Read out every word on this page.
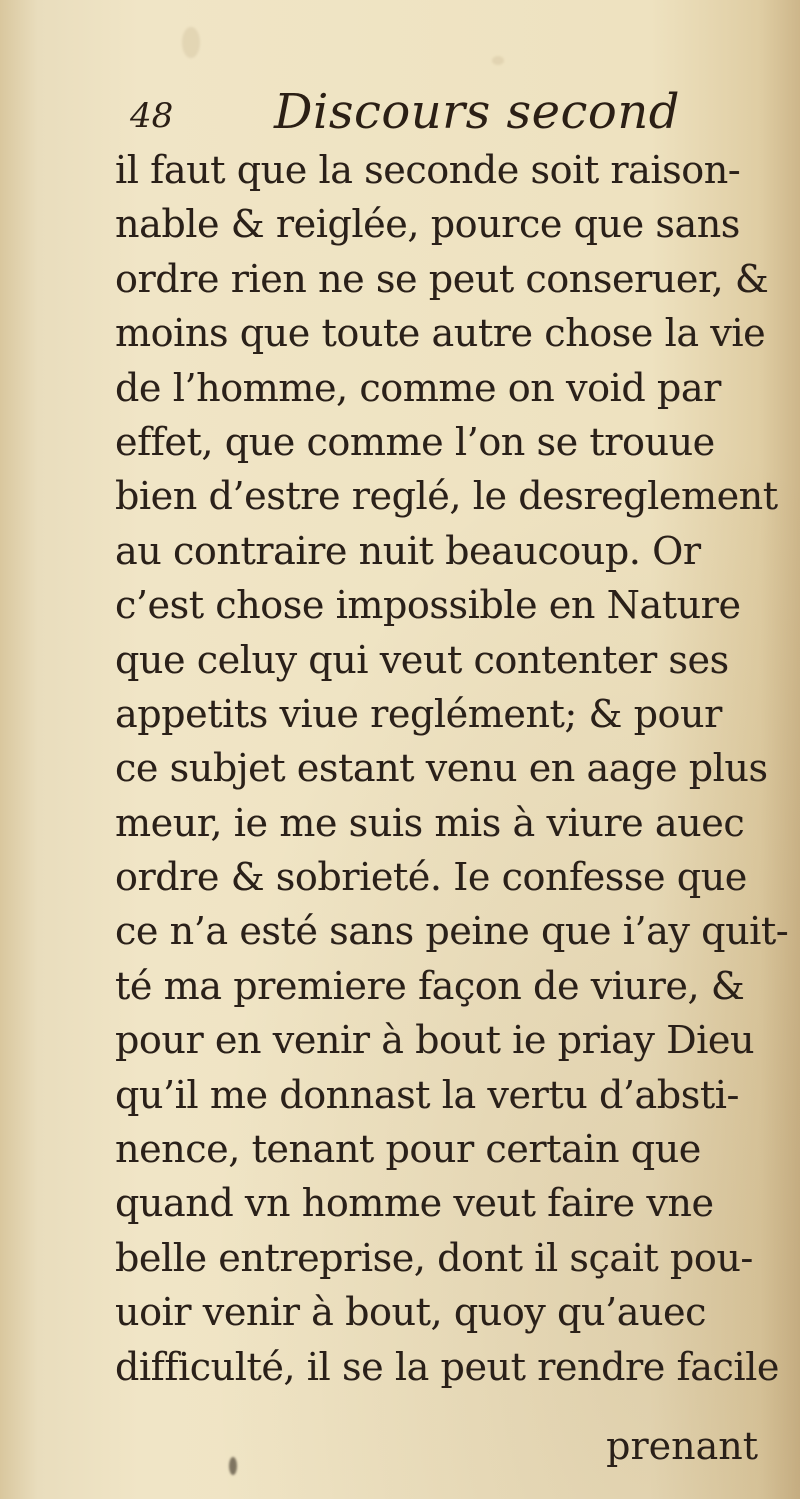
48 Discours second
il faut que la seconde soit raison-
nable & reiglée, pource que sans
ordre rien ne se peut conseruer, &
moins que toute autre chose la vie
de l’homme, comme on void par
effet, que comme l’on se trouue
bien d’estre reglé, le desreglement
au contraire nuit beaucoup. Or
c’est chose impossible en Nature
que celuy qui veut contenter ses
appetits viue reglément; & pour
ce subjet estant venu en aage plus
meur, ie me suis mis à viure auec
ordre & sobrieté. Ie confesse que
ce n’a esté sans peine que i’ay quit-
té ma premiere façon de viure, &
pour en venir à bout ie priay Dieu
qu’il me donnast la vertu d’absti-
nence, tenant pour certain que
quand vn homme veut faire vne
belle entreprise, dont il sçait pou-
uoir venir à bout, quoy qu’auec
difficulté, il se la peut rendre facile
prenant
